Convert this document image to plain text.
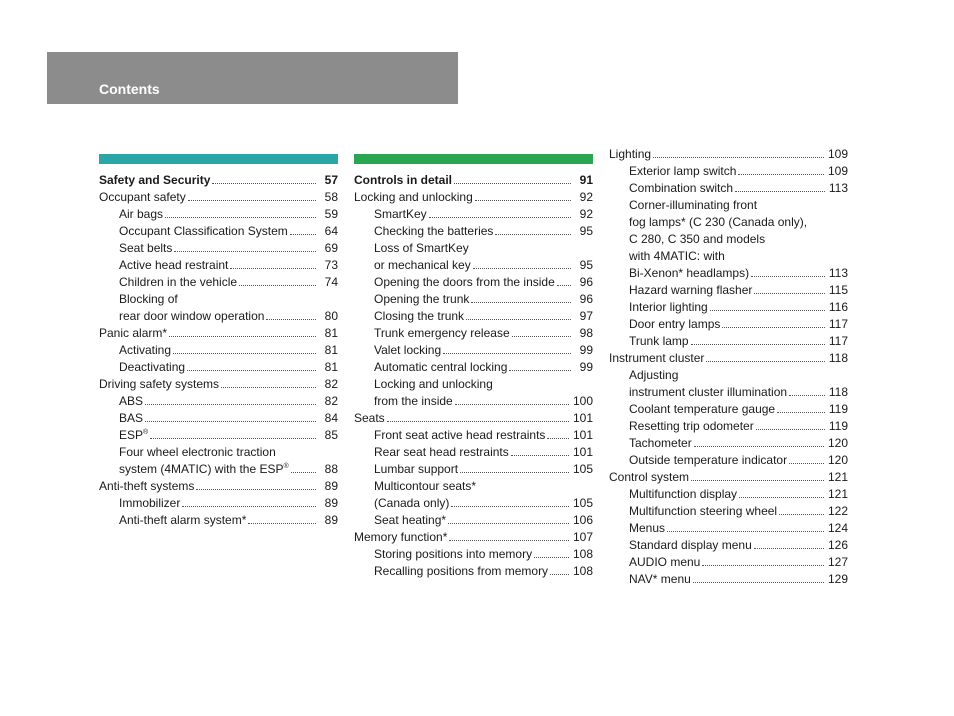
Contents
Safety and Security	57
Occupant safety	58
Air bags	59
Occupant Classification System	64
Seat belts	69
Active head restraint	73
Children in the vehicle	74
Blocking of
rear door window operation	80
Panic alarm*	81
Activating	81
Deactivating	81
Driving safety systems	82
ABS	82
BAS	84
ESP®	85
Four wheel electronic traction
system (4MATIC) with the ESP®	88
Anti-theft systems	89
Immobilizer	89
Anti-theft alarm system*	89
Controls in detail	91
Locking and unlocking	92
SmartKey	92
Checking the batteries	95
Loss of SmartKey
or mechanical key	95
Opening the doors from the inside	96
Opening the trunk	96
Closing the trunk	97
Trunk emergency release	98
Valet locking	99
Automatic central locking	99
Locking and unlocking
from the inside	100
Seats	101
Front seat active head restraints 101
Rear seat head restraints	101
Lumbar support	105
Multicontour seats*
(Canada only)	105
Seat heating*	106
Memory function*	107
Storing positions into memory	108
Recalling positions from memory 108
Lighting	109
Exterior lamp switch	109
Combination switch	113
Corner-illuminating front
fog lamps* (C 230 (Canada only),
C 280, C 350 and models
with 4MATIC: with
Bi-Xenon* headlamps)	113
Hazard warning flasher	115
Interior lighting	116
Door entry lamps	117
Trunk lamp	117
Instrument cluster	118
Adjusting
instrument cluster illumination	118
Coolant temperature gauge	119
Resetting trip odometer	119
Tachometer	120
Outside temperature indicator	120
Control system	121
Multifunction display	121
Multifunction steering wheel	122
Menus	124
Standard display menu	126
AUDIO menu	127
NAV* menu	129
